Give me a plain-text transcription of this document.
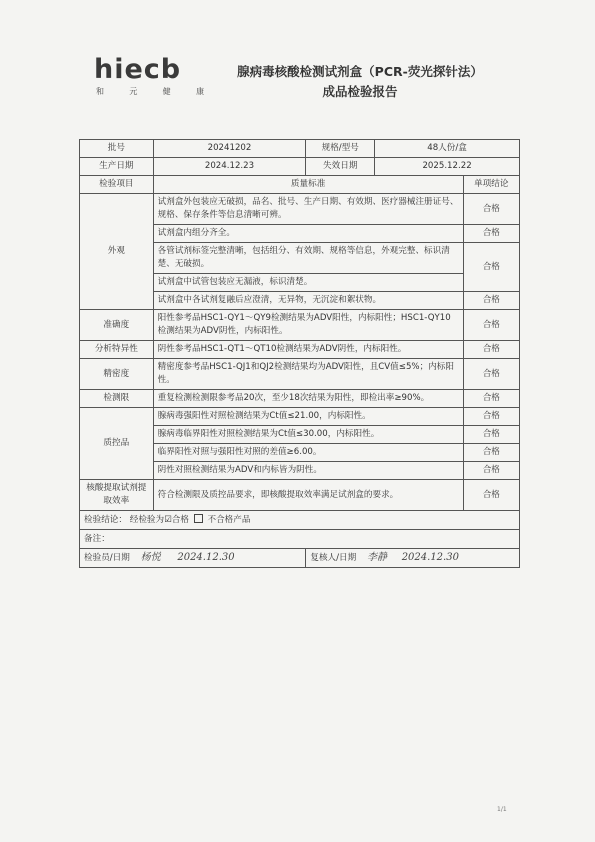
hiecb
和	元	健	康
腺病毒核酸检测试剂盒（PCR-荧光探针法）
成品检验报告
批号	20241202	规格/型号	48人份/盒	
生产日期	2024.12.23	失效日期	2025.12.22	
检验项目	质量标准			单项结论
外观	试剂盒外包装应无破损，品名、批号、生产日期、有效期、医疗器械注册证号、规格、保存条件等信息清晰可辨。			合格
	试剂盒内组分齐全。			合格
	各管试剂标签完整清晰，包括组分、有效期、规格等信息，外观完整、标识清楚、无破损。			合格
	试剂盒中试管包装应无漏液，标识清楚。			
	试剂盒中各试剂复融后应澄清，无异物，无沉淀和絮状物。			合格
准确度	阳性参考品HSC1-QY1～QY9检测结果为ADV阳性，内标阳性；HSC1-QY10检测结果为ADV阴性，内标阳性。			合格
分析特异性	阴性参考品HSC1-QT1～QT10检测结果为ADV阴性，内标阳性。			合格
精密度	精密度参考品HSC1-QJ1和QJ2检测结果均为ADV阳性，且CV值≤5%；内标阳性。			合格
检测限	重复检测检测限参考品20次，至少18次结果为阳性，即检出率≥90%。			合格
质控品	腺病毒强阳性对照检测结果为Ct值≤21.00，内标阳性。			合格
	腺病毒临界阳性对照检测结果为Ct值≤30.00，内标阳性。			合格
	临界阳性对照与强阳性对照的差值≥6.00。			合格
	阴性对照检测结果为ADV和内标皆为阴性。			合格
核酸提取试剂提取效率	符合检测限及质控品要求，即核酸提取效率满足试剂盒的要求。			合格
检验结论： 经检验为☑合格 不合格产品				
备注：				
检验员/日期 杨悦 2024.12.30		复核人/日期 李静 2024.12.30		
1/1
